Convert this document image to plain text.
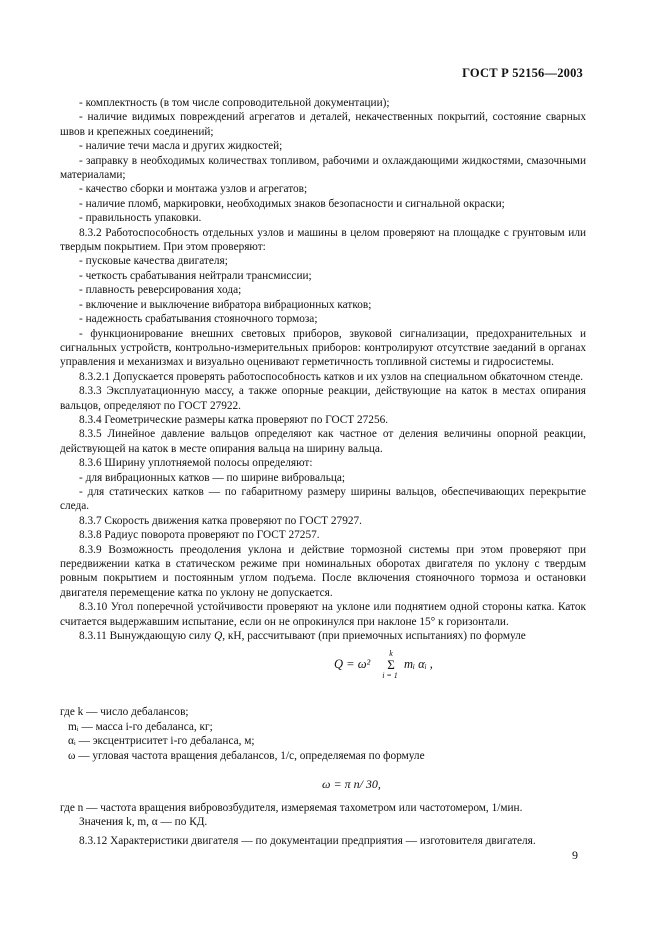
ГОСТ Р 52156—2003

- комплектность (в том числе сопроводительной документации);

- наличие видимых повреждений агрегатов и деталей, некачественных покрытий, состояние сварных швов и крепежных соединений;

- наличие течи масла и других жидкостей;

- заправку в необходимых количествах топливом, рабочими и охлаждающими жидкостями, смазочными материалами;

- качество сборки и монтажа узлов и агрегатов;

- наличие пломб, маркировки, необходимых знаков безопасности и сигнальной окраски;

- правильность упаковки.

8.3.2 Работоспособность отдельных узлов и машины в целом проверяют на площадке с грунтовым или твердым покрытием. При этом проверяют:

- пусковые качества двигателя;

- четкость срабатывания нейтрали трансмиссии;

- плавность реверсирования хода;

- включение и выключение вибратора вибрационных катков;

- надежность срабатывания стояночного тормоза;

- функционирование внешних световых приборов, звуковой сигнализации, предохранительных и сигнальных устройств, контрольно-измерительных приборов: контролируют отсутствие заеданий в органах управления и механизмах и визуально оценивают герметичность топливной системы и гидросистемы.

8.3.2.1 Допускается проверять работоспособность катков и их узлов на специальном обкаточном стенде.

8.3.3 Эксплуатационную массу, а также опорные реакции, действующие на каток в местах опирания вальцов, определяют по ГОСТ 27922.

8.3.4 Геометрические размеры катка проверяют по ГОСТ 27256.

8.3.5 Линейное давление вальцов определяют как частное от деления величины опорной реакции, действующей на каток в месте опирания вальца на ширину вальца.

8.3.6 Ширину уплотняемой полосы определяют:

- для вибрационных катков — по ширине вибровальца;

- для статических катков — по габаритному размеру ширины вальцов, обеспечивающих перекрытие следа.

8.3.7 Скорость движения катка проверяют по ГОСТ 27927.

8.3.8 Радиус поворота проверяют по ГОСТ 27257.

8.3.9 Возможность преодоления уклона и действие тормозной системы при этом проверяют при передвижении катка в статическом режиме при номинальных оборотах двигателя по уклону с твердым ровным покрытием и постоянным углом подъема. После включения стояночного тормоза и остановки двигателя перемещение катка по уклону не допускается.

8.3.10 Угол поперечной устойчивости проверяют на уклоне или поднятием одной стороны катка. Каток считается выдержавшим испытание, если он не опрокинулся при наклоне 15° к горизонтали.

8.3.11 Вынуждающую силу Q, кН, рассчитывают (при приемочных испытаниях) по формуле

Q = ω²
k
Σ
i = 1
mᵢ αᵢ ,

где k — число дебалансов;

mᵢ — масса i-го дебаланса, кг;

αᵢ — эксцентриситет i-го дебаланса, м;

ω — угловая частота вращения дебалансов, 1/с, определяемая по формуле

ω = π n/ 30,

где n — частота вращения вибровозбудителя, измеряемая тахометром или частотомером, 1/мин.

Значения k, m, α — по КД.

8.3.12 Характеристики двигателя — по документации предприятия — изготовителя двигателя.

9
